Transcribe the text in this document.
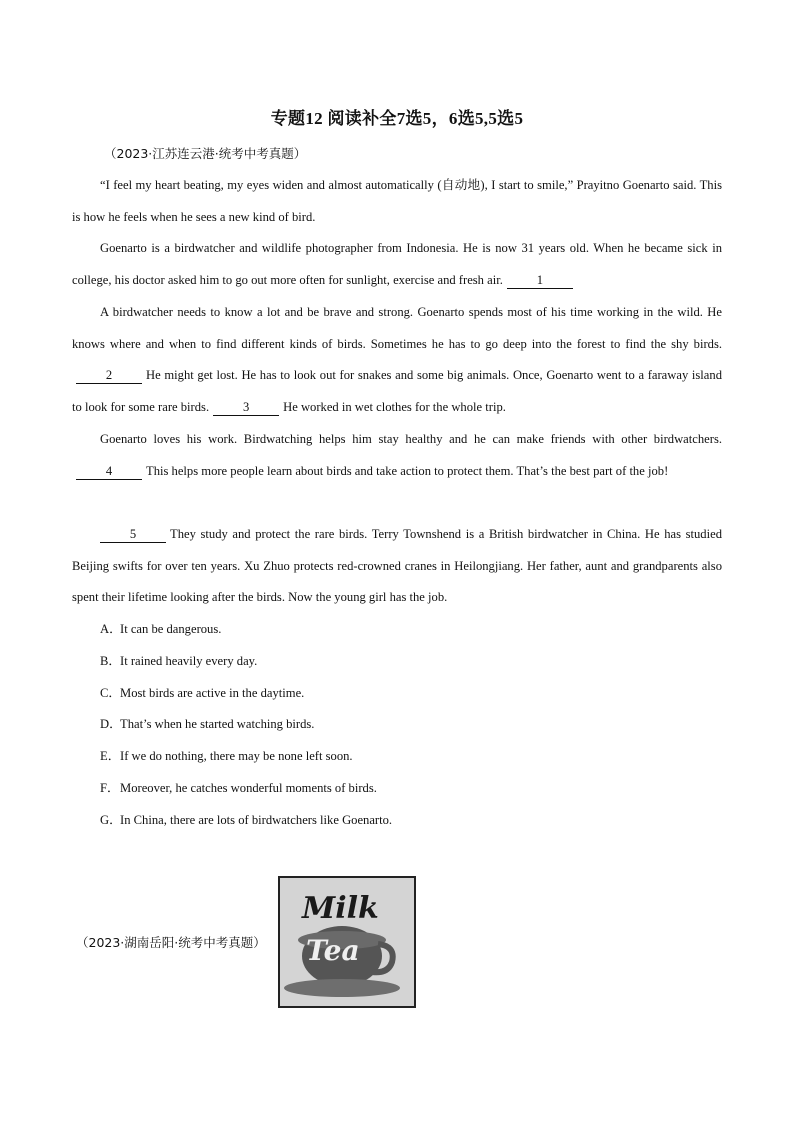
专题12 阅读补全7选5，6选5,5选5
（2023·江苏连云港·统考中考真题）

“I feel my heart beating, my eyes widen and almost automatically (自动地), I start to smile,” Prayitno Goenarto said. This is how he feels when he sees a new kind of bird.

Goenarto is a birdwatcher and wildlife photographer from Indonesia. He is now 31 years old. When he became sick in college, his doctor asked him to go out more often for sunlight, exercise and fresh air.	1

A birdwatcher needs to know a lot and be brave and strong. Goenarto spends most of his time working in the wild. He knows where and when to find different kinds of birds. Sometimes he has to go deep into the forest to find the shy birds.2	He might get lost. He has to look out for snakes and some big animals. Once, Goenarto went to a faraway island to look for some rare birds.	3	He worked in wet clothes for the whole trip.

Goenarto loves his work. Birdwatching helps him stay healthy and he can make friends with other birdwatchers.4	This helps more people learn about birds and take action to protect them. That’s the best part of the job!

5	They study and protect the rare birds. Terry Townshend is a British birdwatcher in China. He has studied Beijing swifts for over ten years. Xu Zhuo protects red-crowned cranes in Heilongjiang. Her father, aunt and grandparents also spent their lifetime looking after the birds. Now the young girl has the job.

A．It can be dangerous.
B．It rained heavily every day.
C．Most birds are active in the daytime.
D．That’s when he started watching birds.
E．If we do nothing, there may be none left soon.
F．Moreover, he catches wonderful moments of birds.
G．In China, there are lots of birdwatchers like Goenarto.
（2023·湖南岳阳·统考中考真题）
Milk
Tea
